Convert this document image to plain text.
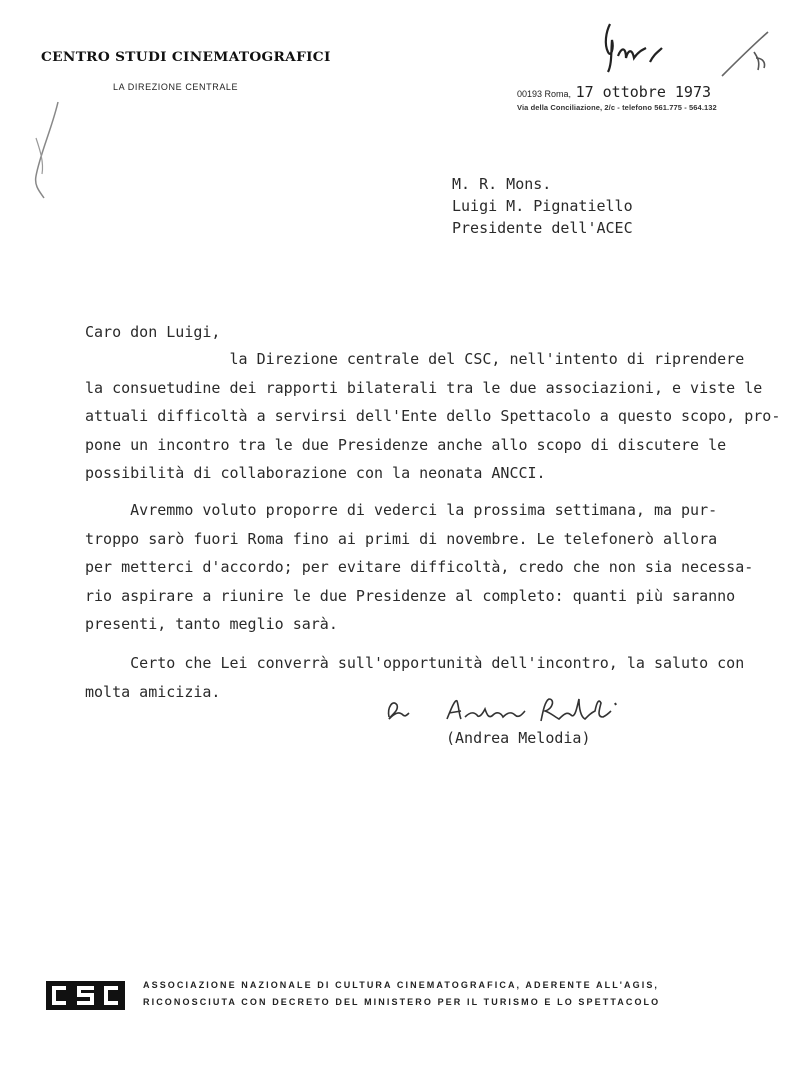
CENTRO STUDI CINEMATOGRAFICI
LA DIREZIONE CENTRALE
00193 Roma, 17 ottobre 1973
Via della Conciliazione, 2/c - telefono 561.775 - 564.132
M. R. Mons.
Luigi M. Pignatiello
Presidente dell'ACEC
Caro don Luigi,
la Direzione centrale del CSC, nell'intento di riprendere
la consuetudine dei rapporti bilaterali tra le due associazioni, e viste le
attuali difficoltà a servirsi dell'Ente dello Spettacolo a questo scopo, pro-
pone un incontro tra le due Presidenze anche allo scopo di discutere le
possibilità di collaborazione con la neonata ANCCI.
Avremmo voluto proporre di vederci la prossima settimana, ma pur-
troppo sarò fuori Roma fino ai primi di novembre. Le telefonerò allora
per metterci d'accordo; per evitare difficoltà, credo che non sia necessa-
rio aspirare a riunire le due Presidenze al completo: quanti più saranno
presenti, tanto meglio sarà.
Certo che Lei converrà sull'opportunità dell'incontro, la saluto con
molta amicizia.
(Andrea Melodia)
ASSOCIAZIONE NAZIONALE DI CULTURA CINEMATOGRAFICA, ADERENTE ALL'AGIS,
RICONOSCIUTA CON DECRETO DEL MINISTERO PER IL TURISMO E LO SPETTACOLO
